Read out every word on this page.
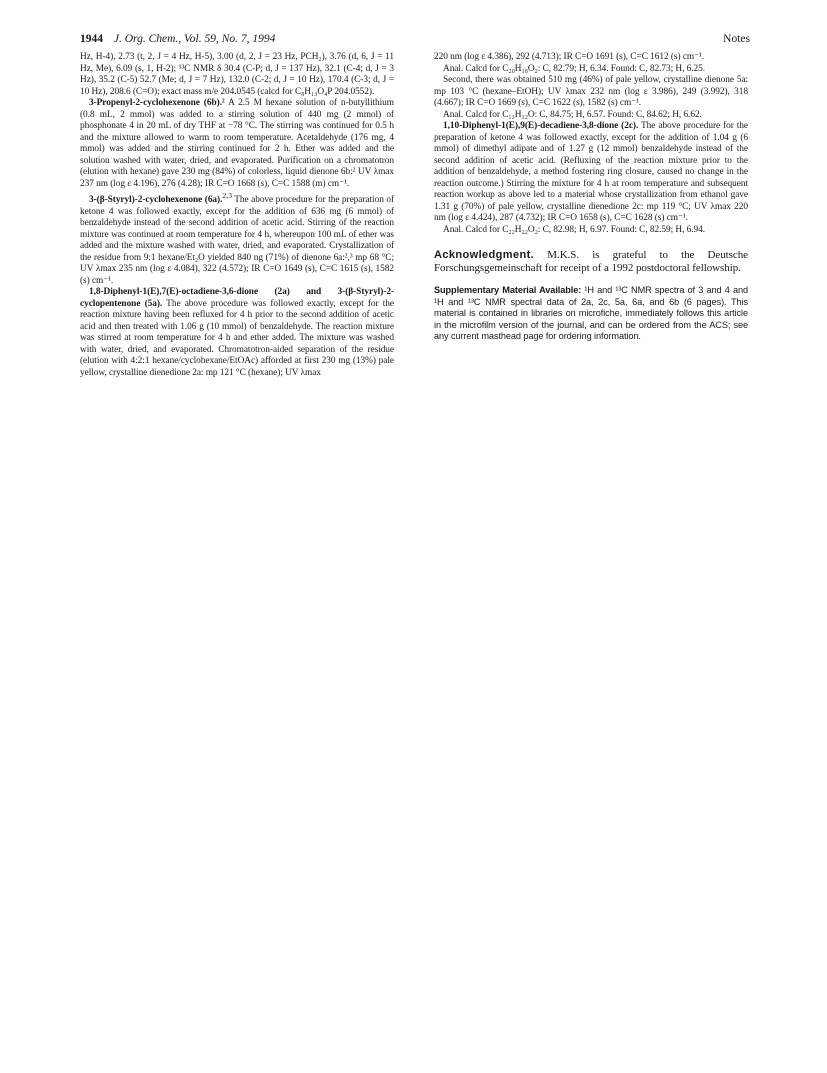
1944 J. Org. Chem., Vol. 59, No. 7, 1994	Notes

Hz, H-4), 2.73 (t, 2, J = 4 Hz, H-5), 3.00 (d, 2, J = 23 Hz, PCH₂), 3.76 (d, 6, J = 11 Hz, Me), 6.09 (s, 1, H-2); ¹³C NMR δ 30.4 (C-P; d, J = 137 Hz), 32.1 (C-4; d, J = 3 Hz), 35.2 (C-5) 52.7 (Me; d, J = 7 Hz), 132.0 (C-2; d, J = 10 Hz), 170.4 (C-3; d, J = 10 Hz), 208.6 (C=O); exact mass m/e 204.0545 (calcd for C₈H₁₃O₄P 204.0552).

3-Propenyl-2-cyclohexenone (6b).² A 2.5 M hexane solution of n-butyllithium (0.8 mL, 2 mmol) was added to a stirring solution of 440 mg (2 mmol) of phosphonate 4 in 20 mL of dry THF at −78 °C. The stirring was continued for 0.5 h and the mixture allowed to warm to room temperature. Acetaldehyde (176 mg, 4 mmol) was added and the stirring continued for 2 h. Ether was added and the solution washed with water, dried, and evaporated. Purification on a chromatotron (elution with hexane) gave 230 mg (84%) of colorless, liquid dienone 6b:² UV λmax 237 nm (log ε 4.196), 276 (4.28); IR C=O 1668 (s), C=C 1588 (m) cm⁻¹.

3-(β-Styryl)-2-cyclohexenone (6a).$^{2,3}$ The above procedure for the preparation of ketone 4 was followed exactly, except for the addition of 636 mg (6 mmol) of benzaldehyde instead of the second addition of acetic acid. Stirring of the reaction mixture was continued at room temperature for 4 h, whereupon 100 mL of ether was added and the mixture washed with water, dried, and evaporated. Crystallization of the residue from 9:1 hexane/Et₂O yielded 840 ng (71%) of dienone 6a:²,³ mp 68 °C; UV λmax 235 nm (log ε 4.084), 322 (4.572); IR C=O 1649 (s), C=C 1615 (s), 1582 (s) cm⁻¹.

1,8-Diphenyl-1(E),7(E)-octadiene-3,6-dione (2a) and 3-(β-Styryl)-2-cyclopentenone (5a). The above procedure was followed exactly, except for the reaction mixture having been refluxed for 4 h prior to the second addition of acetic acid and then treated with 1.06 g (10 mmol) of benzaldehyde. The reaction mixture was stirred at room temperature for 4 h and ether added. The mixture was washed with water, dried, and evaporated. Chromatotron-aided separation of the residue (elution with 4:2:1 hexane/cyclohexane/EtOAc) afforded at first 230 mg (13%) pale yellow, crystalline dienedione 2a: mp 121 °C (hexane); UV λmax

220 nm (log ε 4.386), 292 (4.713); IR C=O 1691 (s), C=C 1612 (s) cm⁻¹.

Anal. Calcd for C₂₀H₁₈O₂: C, 82.79; H, 6.34. Found: C, 82.73; H, 6.25.

Second, there was obtained 510 mg (46%) of pale yellow, crystalline dienone 5a: mp 103 °C (hexane–EtOH); UV λmax 232 nm (log ε 3.986), 249 (3.992), 318 (4.667); IR C=O 1669 (s), C=C 1622 (s), 1582 (s) cm⁻¹.

Anal. Calcd for C₁₃H₁₂O: C, 84.75; H, 6.57. Found: C, 84.62; H, 6.62.

1,10-Diphenyl-1(E),9(E)-decadiene-3,8-dione (2c). The above procedure for the preparation of ketone 4 was followed exactly, except for the addition of 1.04 g (6 mmol) of dimethyl adipate and of 1.27 g (12 mmol) benzaldehyde instead of the second addition of acetic acid. (Refluxing of the reaction mixture prior to the addition of benzaldehyde, a method fostering ring closure, caused no change in the reaction outcome.) Stirring the mixture for 4 h at room temperature and subsequent reaction workup as above led to a material whose crystallization from ethanol gave 1.31 g (70%) of pale yellow, crystalline dienedione 2c: mp 119 °C; UV λmax 220 nm (log ε 4.424), 287 (4.732); IR C=O 1658 (s), C=C 1628 (s) cm⁻¹.

Anal. Calcd for C₂₂H₂₂O₂: C, 82.98; H, 6.97. Found: C, 82.59; H, 6.94.

Acknowledgment. M.K.S. is grateful to the Deutsche Forschungsgemeinschaft for receipt of a 1992 postdoctoral fellowship.

Supplementary Material Available: ¹H and ¹³C NMR spectra of 3 and 4 and ¹H and ¹³C NMR spectral data of 2a, 2c, 5a, 6a, and 6b (6 pages). This material is contained in libraries on microfiche, immediately follows this article in the microfilm version of the journal, and can be ordered from the ACS; see any current masthead page for ordering information.
